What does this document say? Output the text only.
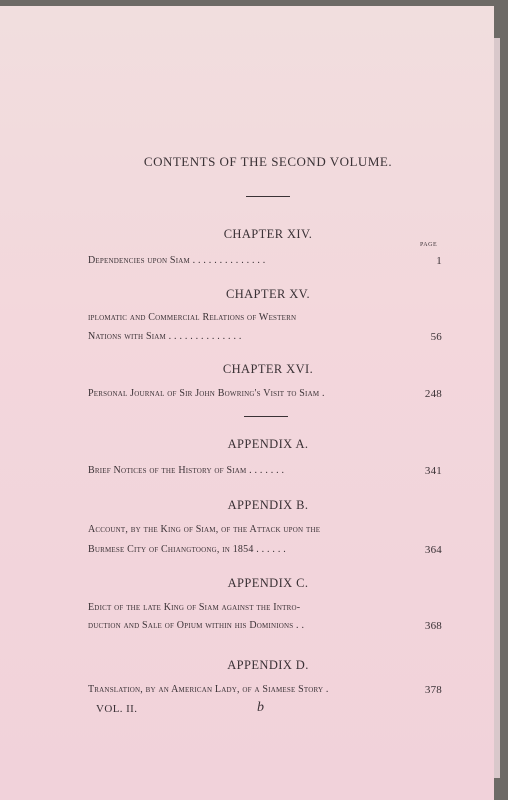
CONTENTS OF THE SECOND VOLUME.
CHAPTER XIV.
PAGE
Dependencies upon Siam . . . . . . . . . . . . . .	1
CHAPTER XV.
iplomatic and Commercial Relations of Western
Nations with Siam . . . . . . . . . . . . . .	56
CHAPTER XVI.
Personal Journal of Sir John Bowring's Visit to Siam .	248
APPENDIX A.
Brief Notices of the History of Siam . . . . . . .	341
APPENDIX B.
Account, by the King of Siam, of the Attack upon the
Burmese City of Chiangtoong, in 1854 . . . . . .	364
APPENDIX C.
Edict of the late King of Siam against the Intro-
duction and Sale of Opium within his Dominions . .	368
APPENDIX D.
Translation, by an American Lady, of a Siamese Story .	378
VOL. II.	b
